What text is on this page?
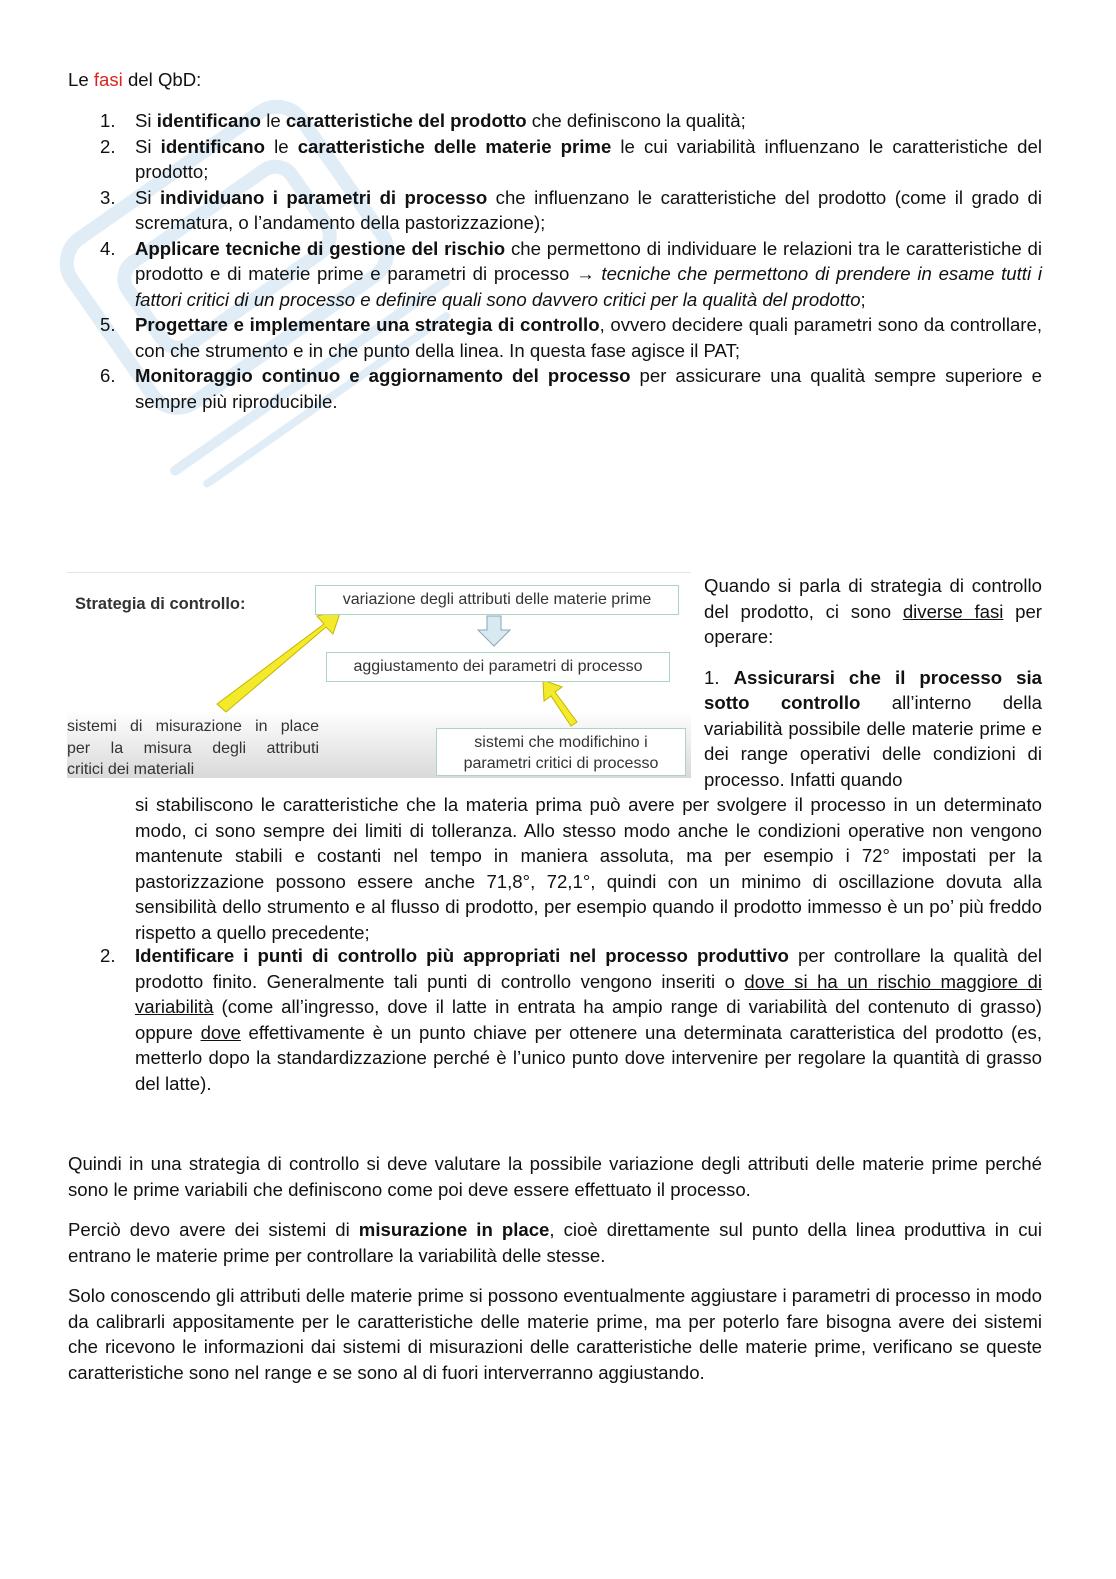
Le fasi del QbD:
1. Si identificano le caratteristiche del prodotto che definiscono la qualità;
2. Si identificano le caratteristiche delle materie prime le cui variabilità influenzano le caratteristiche del prodotto;
3. Si individuano i parametri di processo che influenzano le caratteristiche del prodotto (come il grado di scrematura, o l’andamento della pastorizzazione);
4. Applicare tecniche di gestione del rischio che permettono di individuare le relazioni tra le caratteristiche di prodotto e di materie prime e parametri di processo → tecniche che permettono di prendere in esame tutti i fattori critici di un processo e definire quali sono davvero critici per la qualità del prodotto;
5. Progettare e implementare una strategia di controllo, ovvero decidere quali parametri sono da controllare, con che strumento e in che punto della linea. In questa fase agisce il PAT;
6. Monitoraggio continuo e aggiornamento del processo per assicurare una qualità sempre superiore e sempre più riproducibile.
Strategia di controllo:	variazione degli attributi delle materie prime
aggiustamento dei parametri di processo
sistemi che modifichino i
parametri critici di processo
sistemi di misurazione in place
per la misura degli attributi
critici dei materiali

Quando si parla di strategia di controllo del prodotto, ci sono diverse fasi per operare:

1. Assicurarsi che il processo sia sotto controllo all’interno della variabilità possibile delle materie prime e dei range operativi delle condizioni di processo. Infatti quando

si stabiliscono le caratteristiche che la materia prima può avere per svolgere il processo in un determinato modo, ci sono sempre dei limiti di tolleranza. Allo stesso modo anche le condizioni operative non vengono mantenute stabili e costanti nel tempo in maniera assoluta, ma per esempio i 72° impostati per la pastorizzazione possono essere anche 71,8°, 72,1°, quindi con un minimo di oscillazione dovuta alla sensibilità dello strumento e al flusso di prodotto, per esempio quando il prodotto immesso è un po’ più freddo rispetto a quello precedente;
2. Identificare i punti di controllo più appropriati nel processo produttivo per controllare la qualità del prodotto finito. Generalmente tali punti di controllo vengono inseriti o dove si ha un rischio maggiore di variabilità (come all’ingresso, dove il latte in entrata ha ampio range di variabilità del contenuto di grasso) oppure dove effettivamente è un punto chiave per ottenere una determinata caratteristica del prodotto (es, metterlo dopo la standardizzazione perché è l’unico punto dove intervenire per regolare la quantità di grasso del latte).

Quindi in una strategia di controllo si deve valutare la possibile variazione degli attributi delle materie prime perché sono le prime variabili che definiscono come poi deve essere effettuato il processo.

Perciò devo avere dei sistemi di misurazione in place, cioè direttamente sul punto della linea produttiva in cui entrano le materie prime per controllare la variabilità delle stesse.

Solo conoscendo gli attributi delle materie prime si possono eventualmente aggiustare i parametri di processo in modo da calibrarli appositamente per le caratteristiche delle materie prime, ma per poterlo fare bisogna avere dei sistemi che ricevono le informazioni dai sistemi di misurazioni delle caratteristiche delle materie prime, verificano se queste caratteristiche sono nel range e se sono al di fuori interverranno aggiustando.
